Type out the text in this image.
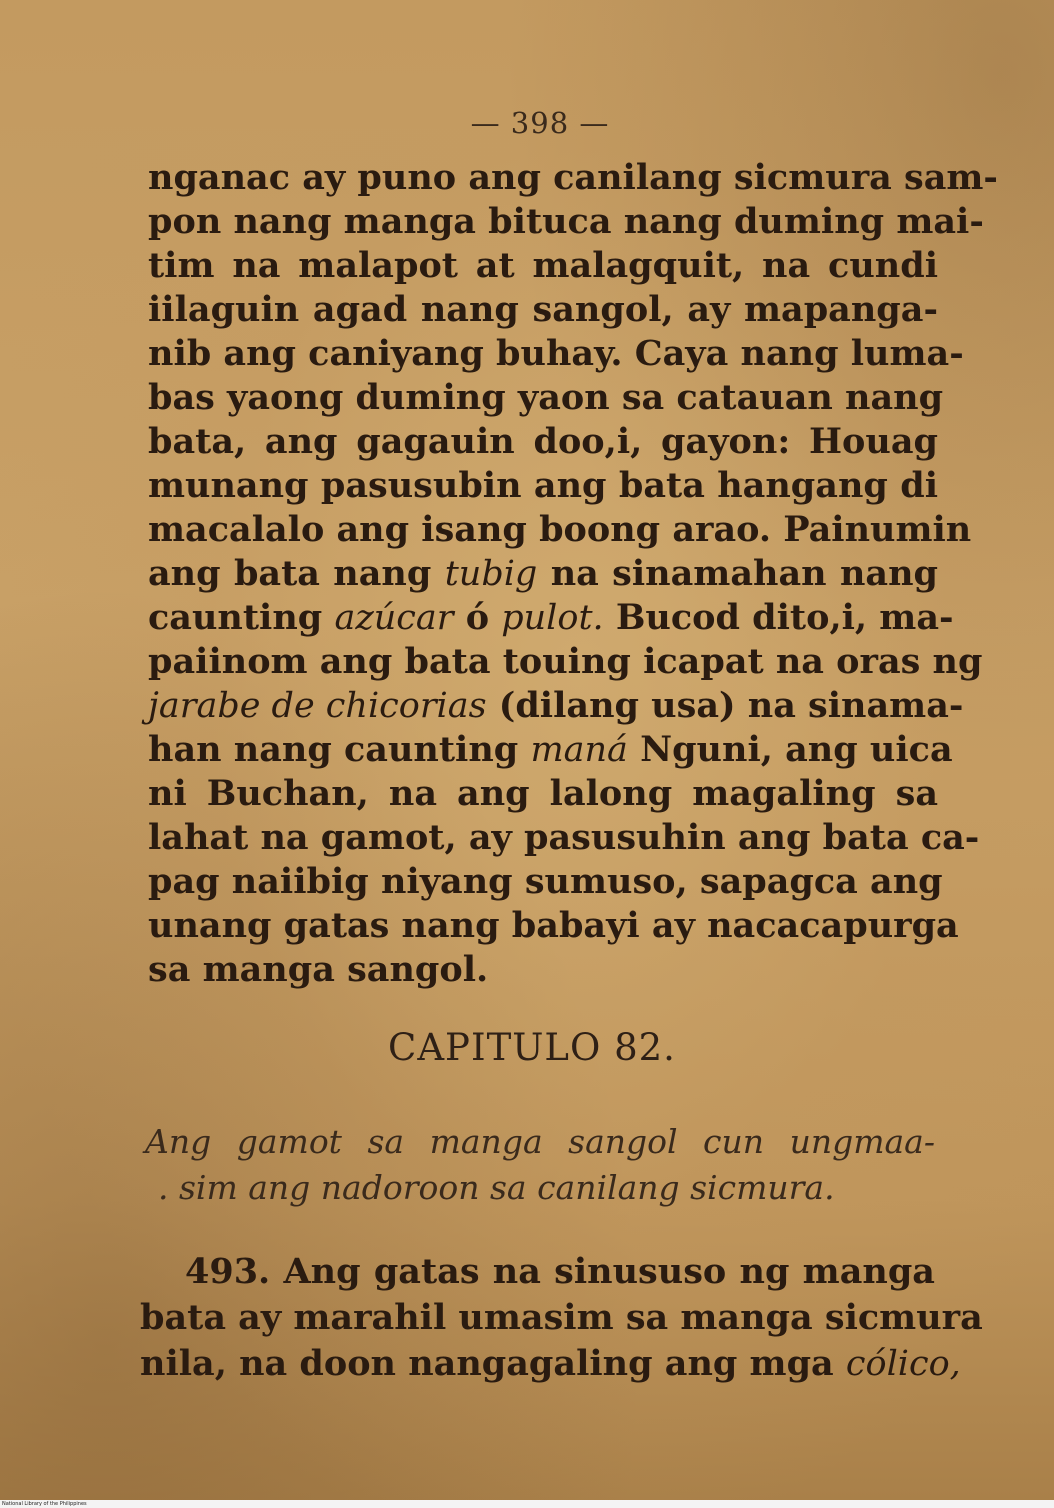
— 398 —
nganac ay puno ang canilang sicmura sam-
pon nang manga bituca nang duming mai-
tim na malapot at malagquit, na cundi
iilaguin agad nang sangol, ay mapanga-
nib ang caniyang buhay. Caya nang luma-
bas yaong duming yaon sa catauan nang
bata, ang gagauin doo,i, gayon: Houag
munang pasusubin ang bata hangang di
macalalo ang isang boong arao. Painumin
ang bata nang tubig na sinamahan nang
caunting azúcar ó pulot. Bucod dito,i, ma-
paiinom ang bata touing icapat na oras ng
jarabe de chicorias (dilang usa) na sinama-
han nang caunting maná Nguni, ang uica
ni Buchan, na ang lalong magaling sa
lahat na gamot, ay pasusuhin ang bata ca-
pag naiibig niyang sumuso, sapagca ang
unang gatas nang babayi ay nacacapurga
sa manga sangol.
CAPITULO 82.
Ang gamot sa manga sangol cun ungmaa-
. sim ang nadoroon sa canilang sicmura.
493. Ang gatas na sinususo ng manga
bata ay marahil umasim sa manga sicmura
nila, na doon nangagaling ang mga cólico,
National Library of the Philippines
